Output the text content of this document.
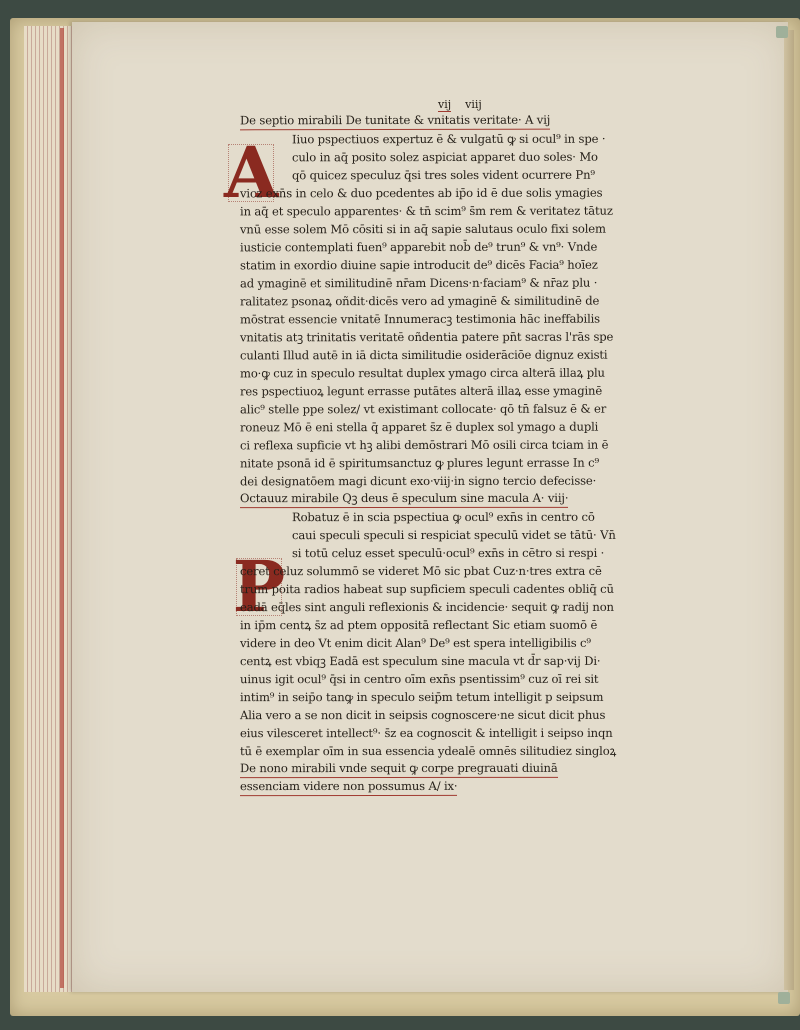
vij viij
A
P
De septio mirabili De tunitate & vnitatis veritate· A vij
Iiuo pspectiuos expertuz ē & vulgatū ꝙ si ocul⁹ in spe ·
culo in aq̄ posito solez aspiciat apparet duo soles· Mo
qō quicez speculuz q̄si tres soles vident ocurrere Pn⁹
vicz exn̄s in celo & duo pcedentes ab ip̄o id ē due solis ymagies
in aq̄ et speculo apparentes· & tn̄ scim⁹ s̄m rem & veritatez tātuz
vnū esse solem Mō cōsiti si in aq̄ sapie salutaus oculo fixi solem
iusticie contemplati fuen⁹ apparebit nob̄ de⁹ trun⁹ & vn⁹· Vnde
statim in exordio diuine sapie introducit de⁹ dicēs Facia⁹ hoīez
ad ymaginē et similitudinē nr̄am Dicens·n·faciam⁹ & nr̄az plu ·
ralitatez psonaꝝ oñdit·dicēs vero ad ymaginē & similitudinē de
mōstrat essencie vnitatē Innumeracꝫ testimonia hāc ineffabilis
vnitatis atꝫ trinitatis veritatē oñdentia patere pn̄t sacras l'rās spe
culanti Illud autē in iā dicta similitudie osiderāciōe dignuz existi
mo·ꝙ cuz in speculo resultat duplex ymago circa alterā illaꝝ plu
res pspectiuoꝝ legunt errasse putātes alterā illaꝝ esse ymaginē
alic⁹ stelle ppe solez/ vt existimant collocate· qō tn̄ falsuz ē & er
roneuz Mō ē eni stella q̄ apparet s̄z ē duplex sol ymago a dupli
ci reflexa supficie vt hꝫ alibi demōstrari Mō osili circa tciam in ē
nitate psonā id ē spiritumsanctuz ꝙ plures legunt errasse In c⁹
dei designatōem magi dicunt exo·viij·in signo tercio defecisse·
Octauuz mirabile Qꝫ deus ē speculum sine macula A· viij·
Robatuz ē in scia pspectiua ꝙ ocul⁹ exn̄s in centro cō
caui speculi speculi si respiciat speculū videt se tātū· Vn̄
si totū celuz esset speculū·ocul⁹ exn̄s in cētro si respi ·
ceret celuz solummō se videret Mō sic pbat Cuz·n·tres extra cē
trum poita radios habeat sup supficiem speculi cadentes obliq̄ cū
eadā eq̄les sint anguli reflexionis & incidencie· sequit ꝙ radij non
in ip̄m centꝝ s̄z ad ptem oppositā reflectant Sic etiam suomō ē
videre in deo Vt enim dicit Alan⁹ De⁹ est spera intelligibilis c⁹
centꝝ est vbiqꝫ Eadā est speculum sine macula vt d̄r sap·vij Di·
uinus igit ocul⁹ q̄si in centro oīm exn̄s psentissim⁹ cuz oī rei sit
intim⁹ in seip̄o tanꝙ in speculo seip̄m tetum intelligit p seipsum
Alia vero a se non dicit in seipsis cognoscere·ne sicut dicit phus
eius vilesceret intellect⁹· s̄z ea cognoscit & intelligit i seipso inqn
tū ē exemplar oīm in sua essencia ydealē omnēs silitudiez singloꝝ
De nono mirabili vnde sequit ꝙ corpe pregrauati diuinā
essenciam videre non possumus A/ ix·
